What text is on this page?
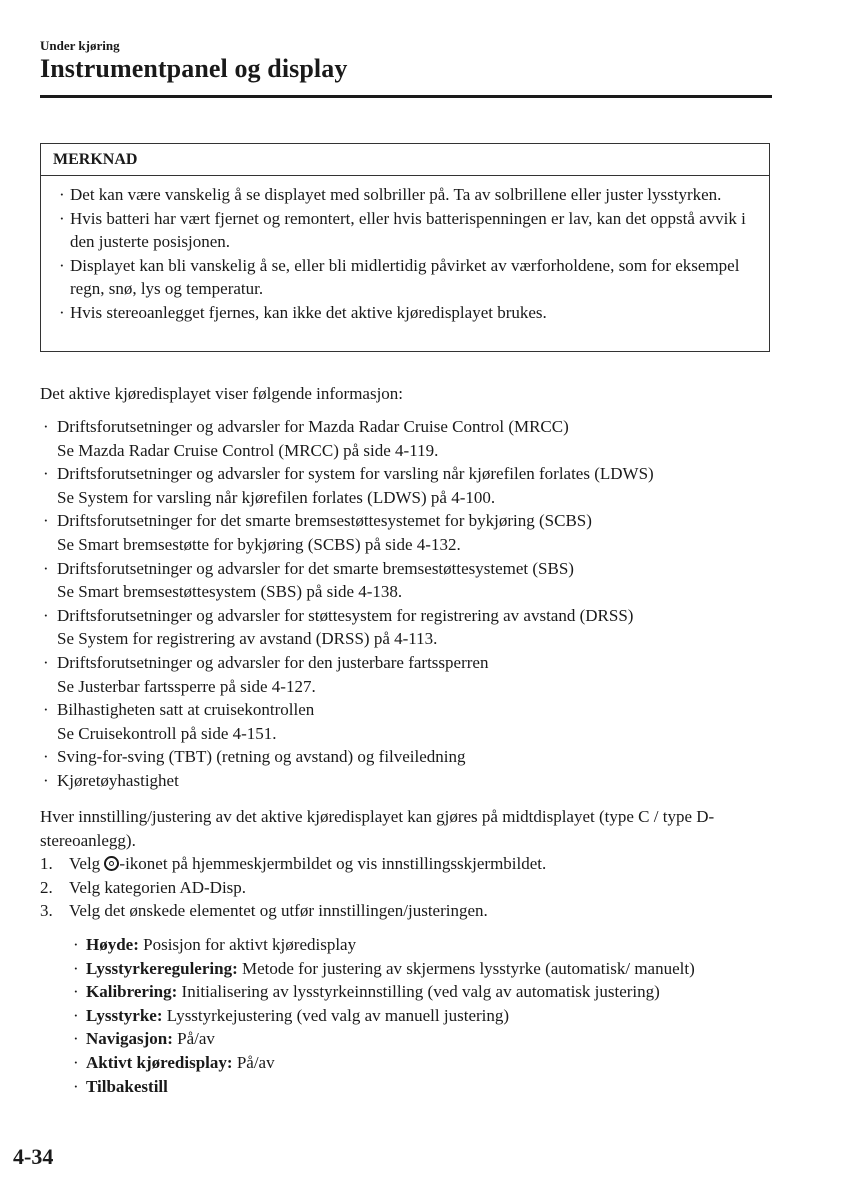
Under kjøring
Instrumentpanel og display
MERKNAD
· Det kan være vanskelig å se displayet med solbriller på. Ta av solbrillene eller juster lysstyrken.
· Hvis batteri har vært fjernet og remontert, eller hvis batterispenningen er lav, kan det oppstå avvik i den justerte posisjonen.
· Displayet kan bli vanskelig å se, eller bli midlertidig påvirket av værforholdene, som for eksempel regn, snø, lys og temperatur.
· Hvis stereoanlegget fjernes, kan ikke det aktive kjøredisplayet brukes.

Det aktive kjøredisplayet viser følgende informasjon:

· Driftsforutsetninger og advarsler for Mazda Radar Cruise Control (MRCC)
Se Mazda Radar Cruise Control (MRCC) på side 4-119.
· Driftsforutsetninger og advarsler for system for varsling når kjørefilen forlates (LDWS)
Se System for varsling når kjørefilen forlates (LDWS) på 4-100.
· Driftsforutsetninger for det smarte bremsestøttesystemet for bykjøring (SCBS)
Se Smart bremsestøtte for bykjøring (SCBS) på side 4-132.
· Driftsforutsetninger og advarsler for det smarte bremsestøttesystemet (SBS)
Se Smart bremsestøttesystem (SBS) på side 4-138.
· Driftsforutsetninger og advarsler for støttesystem for registrering av avstand (DRSS)
Se System for registrering av avstand (DRSS) på 4-113.
· Driftsforutsetninger og advarsler for den justerbare fartssperren
Se Justerbar fartssperre på side 4-127.
· Bilhastigheten satt at cruisekontrollen
Se Cruisekontroll på side 4-151.
· Sving-for-sving (TBT) (retning og avstand) og filveiledning
· Kjøretøyhastighet

Hver innstilling/justering av det aktive kjøredisplayet kan gjøres på midtdisplayet (type C / type D-stereoanlegg).

1. Velg -ikonet på hjemmeskjermbildet og vis innstillingsskjermbildet.
2. Velg kategorien AD-Disp.
3. Velg det ønskede elementet og utfør innstillingen/justeringen.
· Høyde: Posisjon for aktivt kjøredisplay
· Lysstyrkeregulering: Metode for justering av skjermens lysstyrke (automatisk/ manuelt)
· Kalibrering: Initialisering av lysstyrkeinnstilling (ved valg av automatisk justering)
· Lysstyrke: Lysstyrkejustering (ved valg av manuell justering)
· Navigasjon: På/av
· Aktivt kjøredisplay: På/av
· Tilbakestill
4-34
